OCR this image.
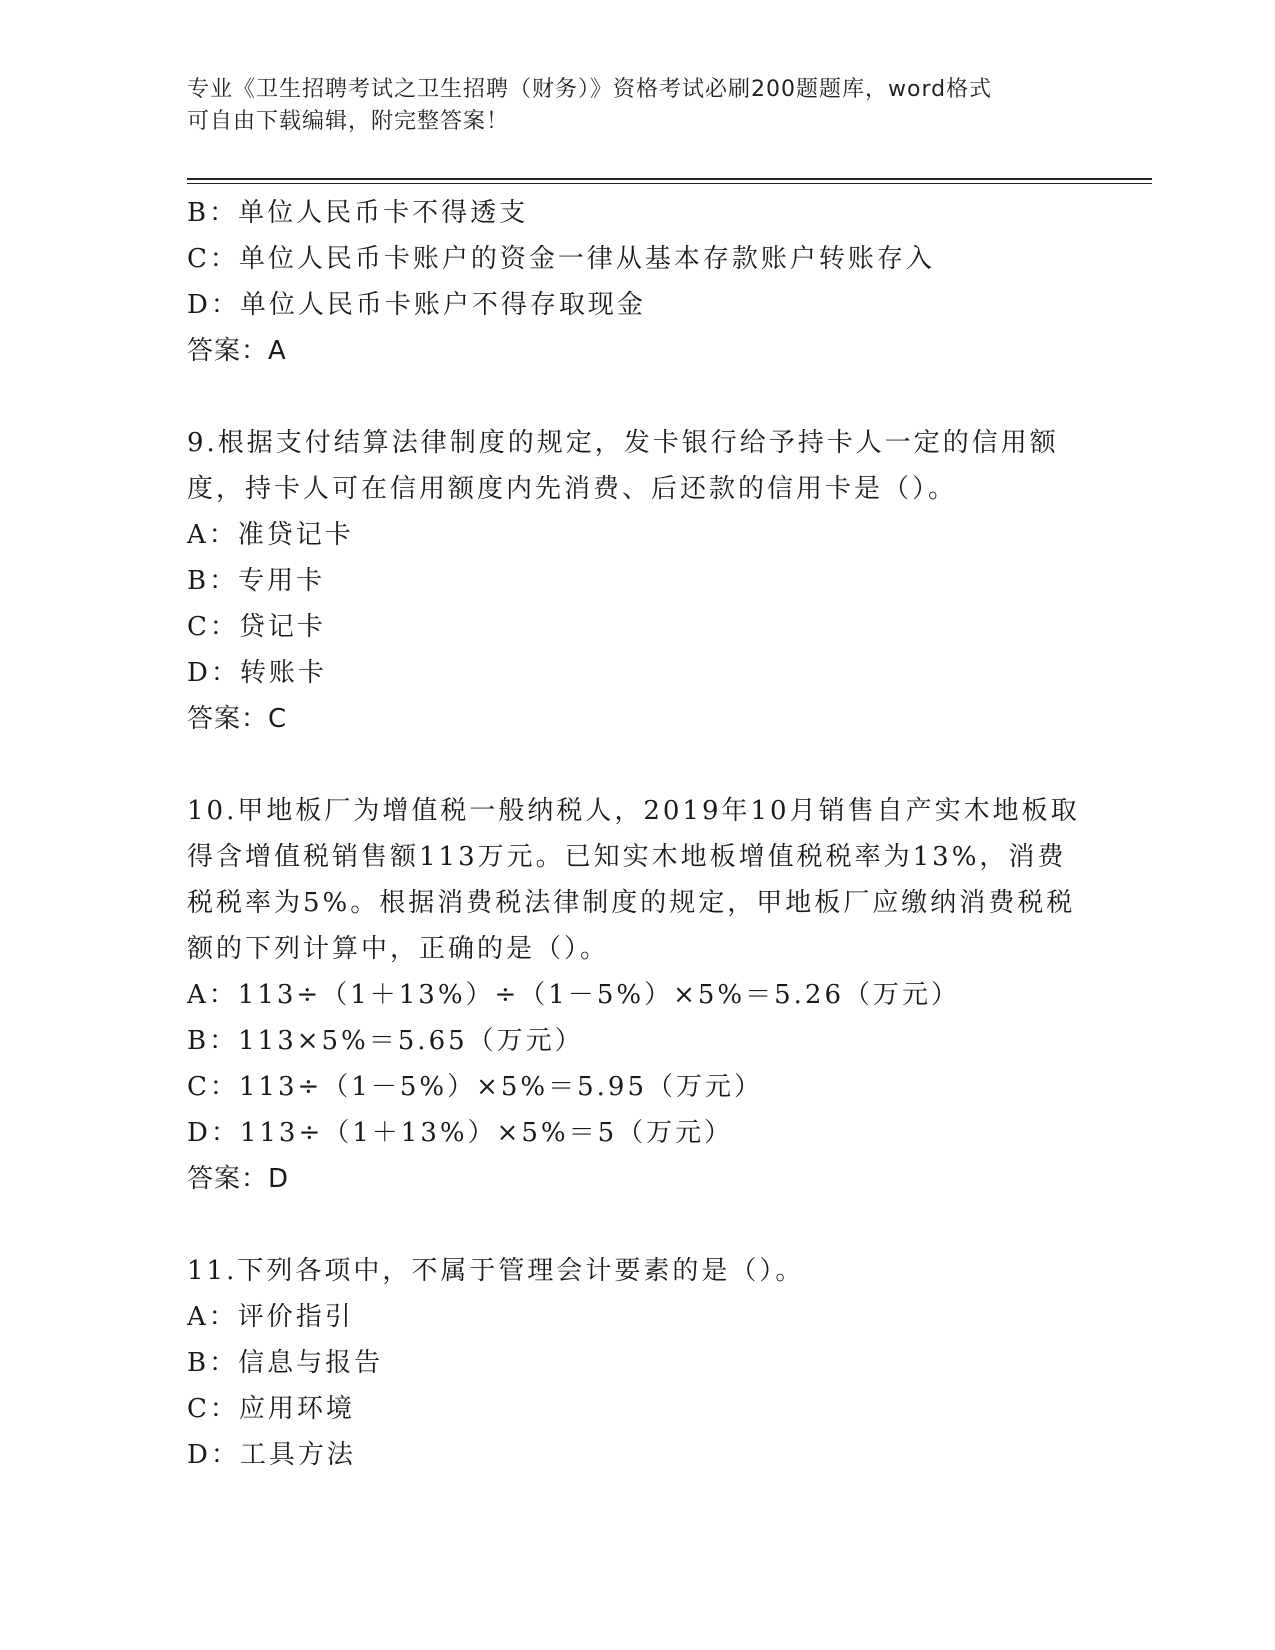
专业《卫生招聘考试之卫生招聘（财务）》资格考试必刷200题题库，word格式
可自由下载编辑，附完整答案！
B：单位人民币卡不得透支
C：单位人民币卡账户的资金一律从基本存款账户转账存入
D：单位人民币卡账户不得存取现金
答案：A
9.根据支付结算法律制度的规定，发卡银行给予持卡人一定的信用额
度，持卡人可在信用额度内先消费、后还款的信用卡是（）。
A：准贷记卡
B：专用卡
C：贷记卡
D：转账卡
答案：C
10.甲地板厂为增值税一般纳税人，2019年10月销售自产实木地板取
得含增值税销售额113万元。已知实木地板增值税税率为13%，消费
税税率为5%。根据消费税法律制度的规定，甲地板厂应缴纳消费税税
额的下列计算中，正确的是（）。
A：113÷（1＋13%）÷（1－5%）×5%＝5.26（万元）
B：113×5%＝5.65（万元）
C：113÷（1－5%）×5%＝5.95（万元）
D：113÷（1＋13%）×5%＝5（万元）
答案：D
11.下列各项中，不属于管理会计要素的是（）。
A：评价指引
B：信息与报告
C：应用环境
D：工具方法
